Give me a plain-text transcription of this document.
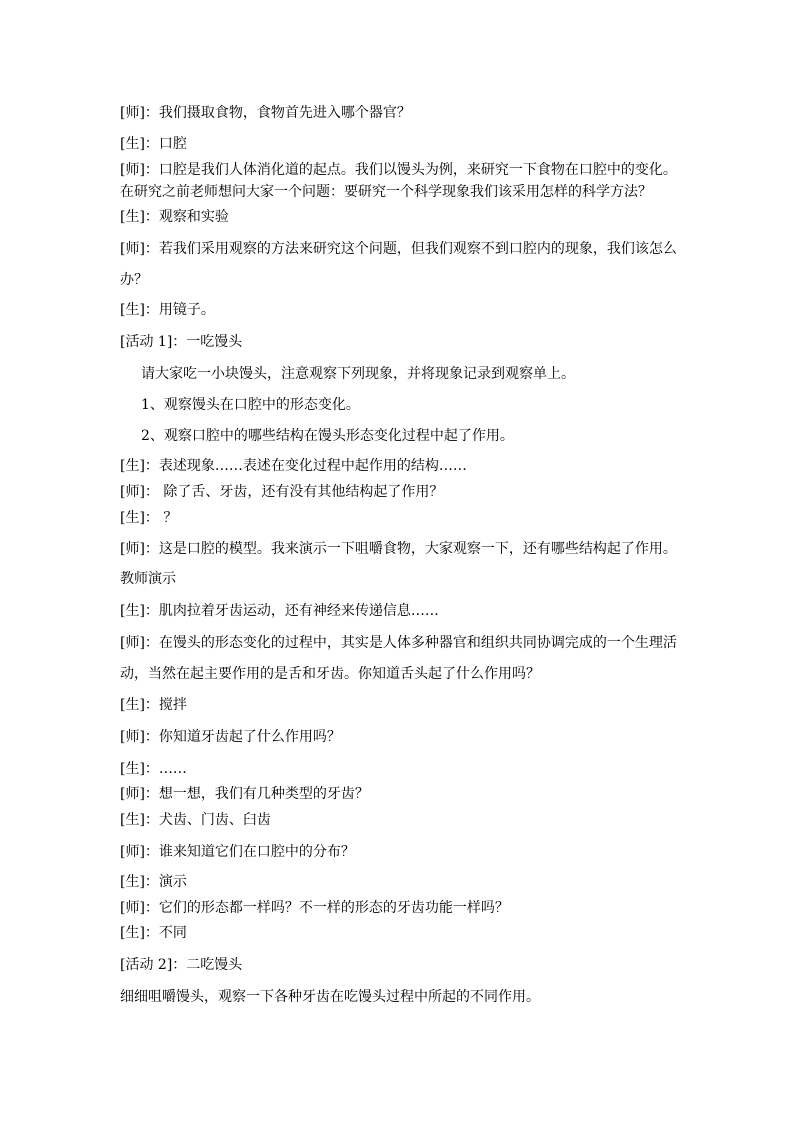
[师]：我们摄取食物，食物首先进入哪个器官？
[生]：口腔
[师]：口腔是我们人体消化道的起点。我们以馒头为例，来研究一下食物在口腔中的变化。
在研究之前老师想问大家一个问题：要研究一个科学现象我们该采用怎样的科学方法？
[生]：观察和实验
[师]：若我们采用观察的方法来研究这个问题，但我们观察不到口腔内的现象，我们该怎么
办？
[生]：用镜子。
[活动 1]：一吃馒头
请大家吃一小块馒头，注意观察下列现象，并将现象记录到观察单上。
1、观察馒头在口腔中的形态变化。
2、观察口腔中的哪些结构在馒头形态变化过程中起了作用。
[生]：表述现象……表述在变化过程中起作用的结构……
[师]： 除了舌、牙齿，还有没有其他结构起了作用？
[生]： ？
[师]：这是口腔的模型。我来演示一下咀嚼食物，大家观察一下，还有哪些结构起了作用。
教师演示
[生]：肌肉拉着牙齿运动，还有神经来传递信息……
[师]：在馒头的形态变化的过程中，其实是人体多种器官和组织共同协调完成的一个生理活
动，当然在起主要作用的是舌和牙齿。你知道舌头起了什么作用吗？
[生]：搅拌
[师]：你知道牙齿起了什么作用吗？
[生]：……
[师]：想一想，我们有几种类型的牙齿？
[生]：犬齿、门齿、臼齿
[师]：谁来知道它们在口腔中的分布？
[生]：演示
[师]：它们的形态都一样吗？不一样的形态的牙齿功能一样吗？
[生]：不同
[活动 2]：二吃馒头
细细咀嚼馒头，观察一下各种牙齿在吃馒头过程中所起的不同作用。
